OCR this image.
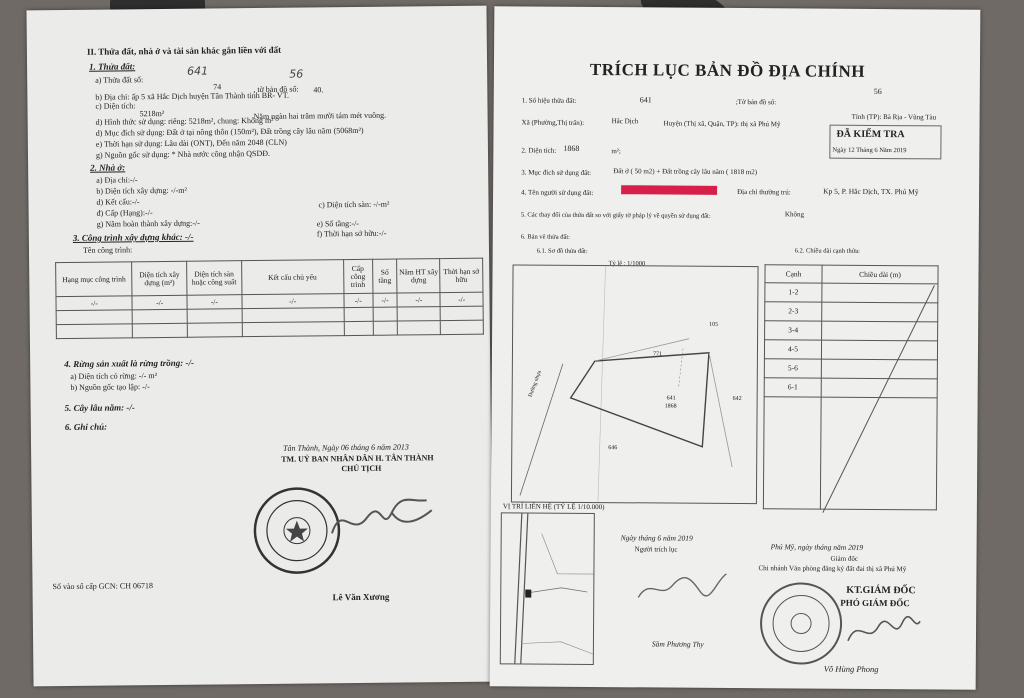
II. Thửa đất, nhà ở và tài sản khác gắn liền với đất
1. Thửa đất:	641	56
a) Thửa đất số:
74	, tờ bản đồ số: 40.
b) Địa chỉ: ấp 5 xã Hắc Dịch huyện Tân Thành tỉnh BR- VT.
c) Diện tích:
5218m²	Năm ngàn hai trăm mười tám mét vuông.
d) Hình thức sử dụng: riêng: 5218m², chung: Không m²
d) Mục đích sử dụng: Đất ở tại nông thôn (150m²), Đất trồng cây lâu năm (5068m²)
e) Thời hạn sử dụng: Lâu dài (ONT), Đến năm 2048 (CLN)
g) Nguồn gốc sử dụng: * Nhà nước công nhận QSDĐ.
2. Nhà ở:
a) Địa chỉ:-/-
b) Diện tích xây dựng: -/-m²
c) Diện tích sàn: -/-m²
d) Kết cấu:-/-
đ) Cấp (Hạng):-/-
e) Số tầng:-/-
g) Năm hoàn thành xây dựng:-/-
f) Thời hạn sở hữu:-/-
3. Công trình xây dựng khác: -/-
Tên công trình:
Hạng mục công trình	Diện tích xây dựng (m²)	Diện tích sàn hoặc công suất	Kết cấu chủ yếu	Cấp công trình	Số tầng	Năm HT xây dựng	Thời hạn sở hữu
-/-	-/-	-/-	-/-	-/-	-/-	-/-	-/-

4. Rừng sản xuất là rừng trồng: -/-
a) Diện tích có rừng: -/- m²
b) Nguồn gốc tạo lập: -/-
5. Cây lâu năm: -/-
6. Ghi chú:
Tân Thành, Ngày 06 tháng 6 năm 2013
TM. UỶ BAN NHÂN DÂN H. TÂN THÀNH
CHỦ TỊCH
Lê Văn Xương
Số vào sổ cấp GCN: CH 06718
TRÍCH LỤC BẢN ĐỒ ĐỊA CHÍNH
1. Số hiệu thửa đất:	641	;Tờ bản đồ số:
56
Xã (Phường,Thị trấn):	Hắc Dịch	Huyện (Thị xã, Quận, TP): thị xã Phú Mỹ
Tỉnh (TP): Bà Rịa - Vũng Tàu
ĐÃ KIỂM TRA
Ngày 12 Tháng 6 Năm 2019
2. Diện tích: 1868	m²;
3. Mục đích sử dụng đất:	Đất ở ( 50 m2) + Đất trồng cây lâu năm ( 1818 m2)
4. Tên người sử dụng đất:	Địa chỉ thường trú:	Kp 5, P. Hắc Dịch, TX. Phú Mỹ
5. Các thay đổi của thửa đất so với giấy tờ pháp lý về quyền sử dụng đất:	Không
6. Bản vẽ thửa đất:
6.1. Sơ đồ thửa đất:
Tỷ lệ : 1/1000
6.2. Chiều dài cạnh thửa:
105
771
641
1868
642
646
Đường nhựa
Cạnh	Chiều dài (m)
1-2	
2-3	
3-4	
4-5	
5-6	
6-1	

VỊ TRÍ LIÊN HỆ (TỶ LỆ 1/10.000)
Ngày tháng 6 năm 2019
Người trích lục
Sầm Phương Thy
Phú Mỹ, ngày tháng năm 2019
Giám đốc
Chi nhánh Văn phòng đăng ký đất đai thị xã Phú Mỹ
KT.GIÁM ĐỐC
PHÓ GIÁM ĐỐC
Võ Hùng Phong
